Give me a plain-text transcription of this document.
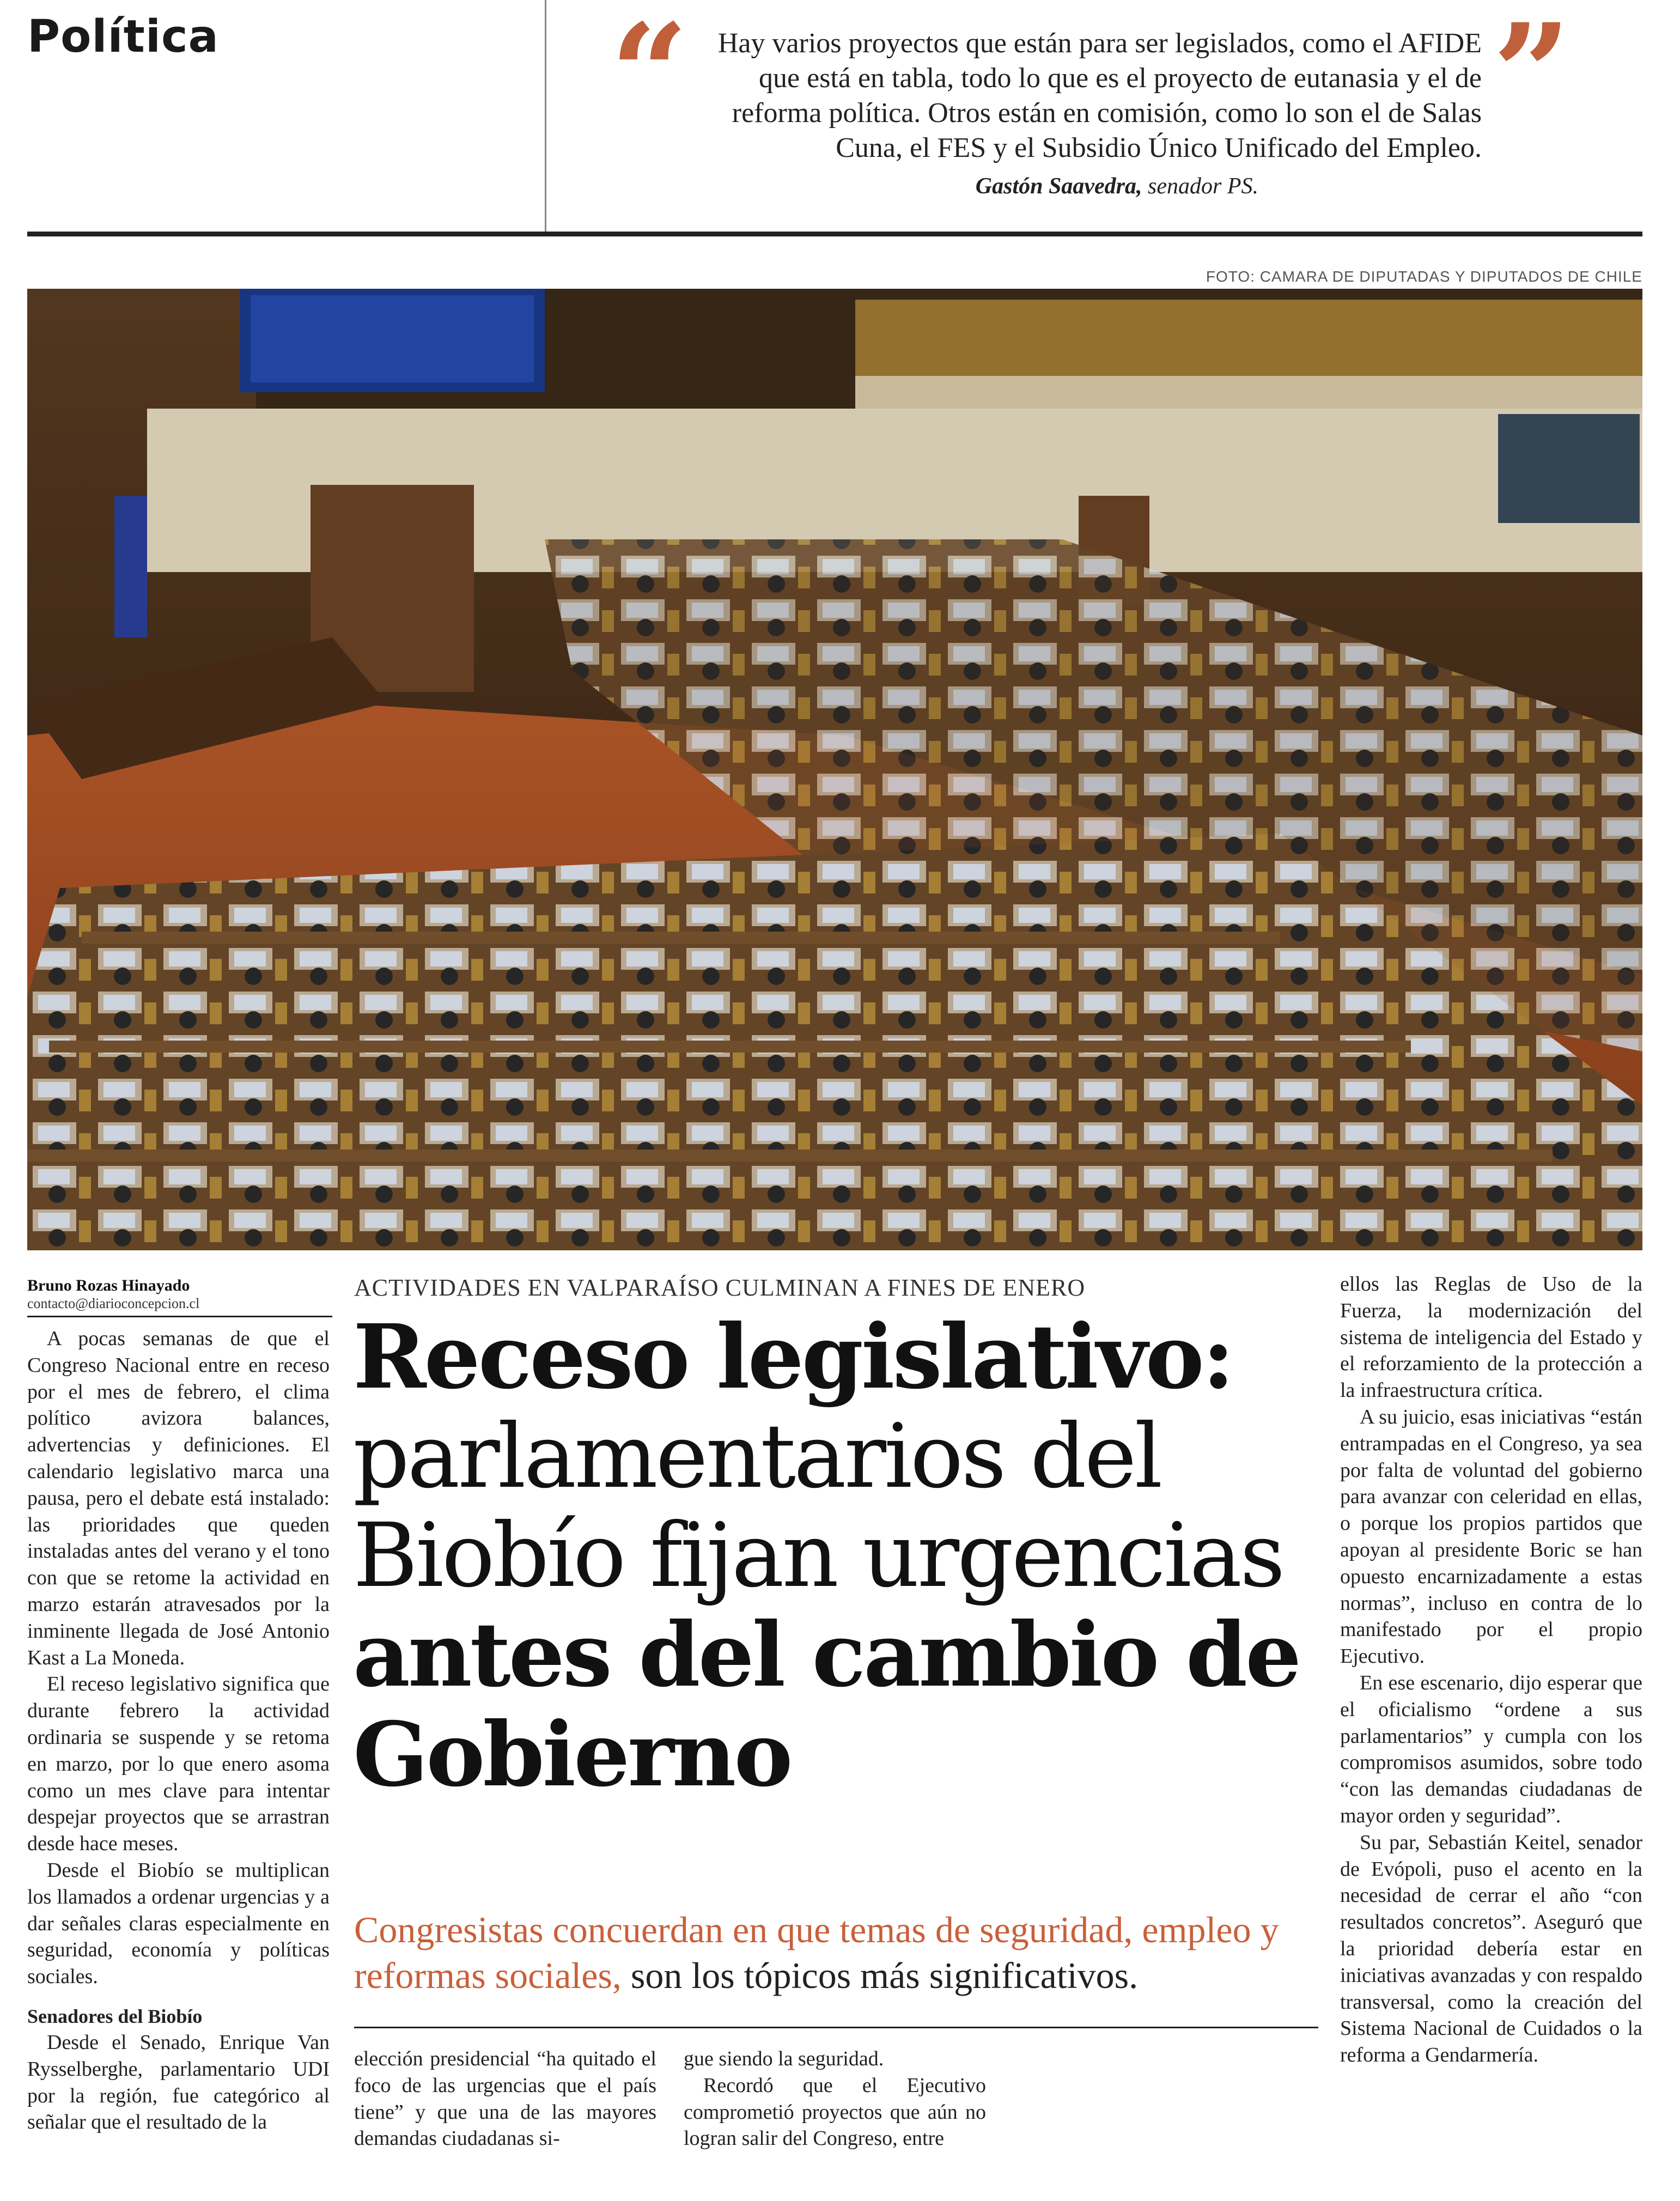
Política	“	Hay varios proyectos que están para ser legislados, como el AFIDE que está en tabla, todo lo que es el proyecto de eutanasia y el de reforma política. Otros están en comisión, como lo son el de Salas Cuna, el FES y el Subsidio Único Unificado del Empleo. ”
Gastón Saavedra, senador PS.
FOTO: CAMARA DE DIPUTADAS Y DIPUTADOS DE CHILE
Bruno Rozas Hinayado
contacto@diarioconcepcion.cl
ACTIVIDADES EN VALPARAÍSO CULMINAN A FINES DE ENERO
Receso legislativo:
parlamentarios del
Biobío fijan urgencias
antes del cambio de
Gobierno

Congresistas concuerdan en que temas de seguridad, empleo y reformas sociales, son los tópicos más significativos.

A pocas semanas de que el Congreso Nacional entre en receso por el mes de febrero, el clima político avizora balances, advertencias y definiciones. El calendario legislativo marca una pausa, pero el debate está instalado: las prioridades que queden instaladas antes del verano y el tono con que se retome la actividad en marzo estarán atravesados por la inminente llegada de José Antonio Kast a La Moneda.

El receso legislativo significa que durante febrero la actividad ordinaria se suspende y se retoma en marzo, por lo que enero asoma como un mes clave para intentar despejar proyectos que se arrastran desde hace meses.

Desde el Biobío se multiplican los llamados a ordenar urgencias y a dar señales claras especialmente en seguridad, economía y políticas sociales.

Senadores del Biobío

Desde el Senado, Enrique Van Rysselberghe, parlamentario UDI por la región, fue categórico al señalar que el resultado de la

elección presidencial “ha quitado el foco de las urgencias que el país tiene” y que una de las mayores demandas ciudadanas si-

gue siendo la seguridad.

Recordó que el Ejecutivo comprometió proyectos que aún no logran salir del Congreso, entre

ellos las Reglas de Uso de la Fuerza, la modernización del sistema de inteligencia del Estado y el reforzamiento de la protección a la infraestructura crítica.

A su juicio, esas iniciativas “están entrampadas en el Congreso, ya sea por falta de voluntad del gobierno para avanzar con celeridad en ellas, o porque los propios partidos que apoyan al presidente Boric se han opuesto encarnizadamente a estas normas”, incluso en contra de lo manifestado por el propio Ejecutivo.

En ese escenario, dijo esperar que el oficialismo “ordene a sus parlamentarios” y cumpla con los compromisos asumidos, sobre todo “con las demandas ciudadanas de mayor orden y seguridad”.

Su par, Sebastián Keitel, senador de Evópoli, puso el acento en la necesidad de cerrar el año “con resultados concretos”. Aseguró que la prioridad debería estar en iniciativas avanzadas y con respaldo transversal, como la creación del Sistema Nacional de Cuidados o la reforma a Gendarmería.
